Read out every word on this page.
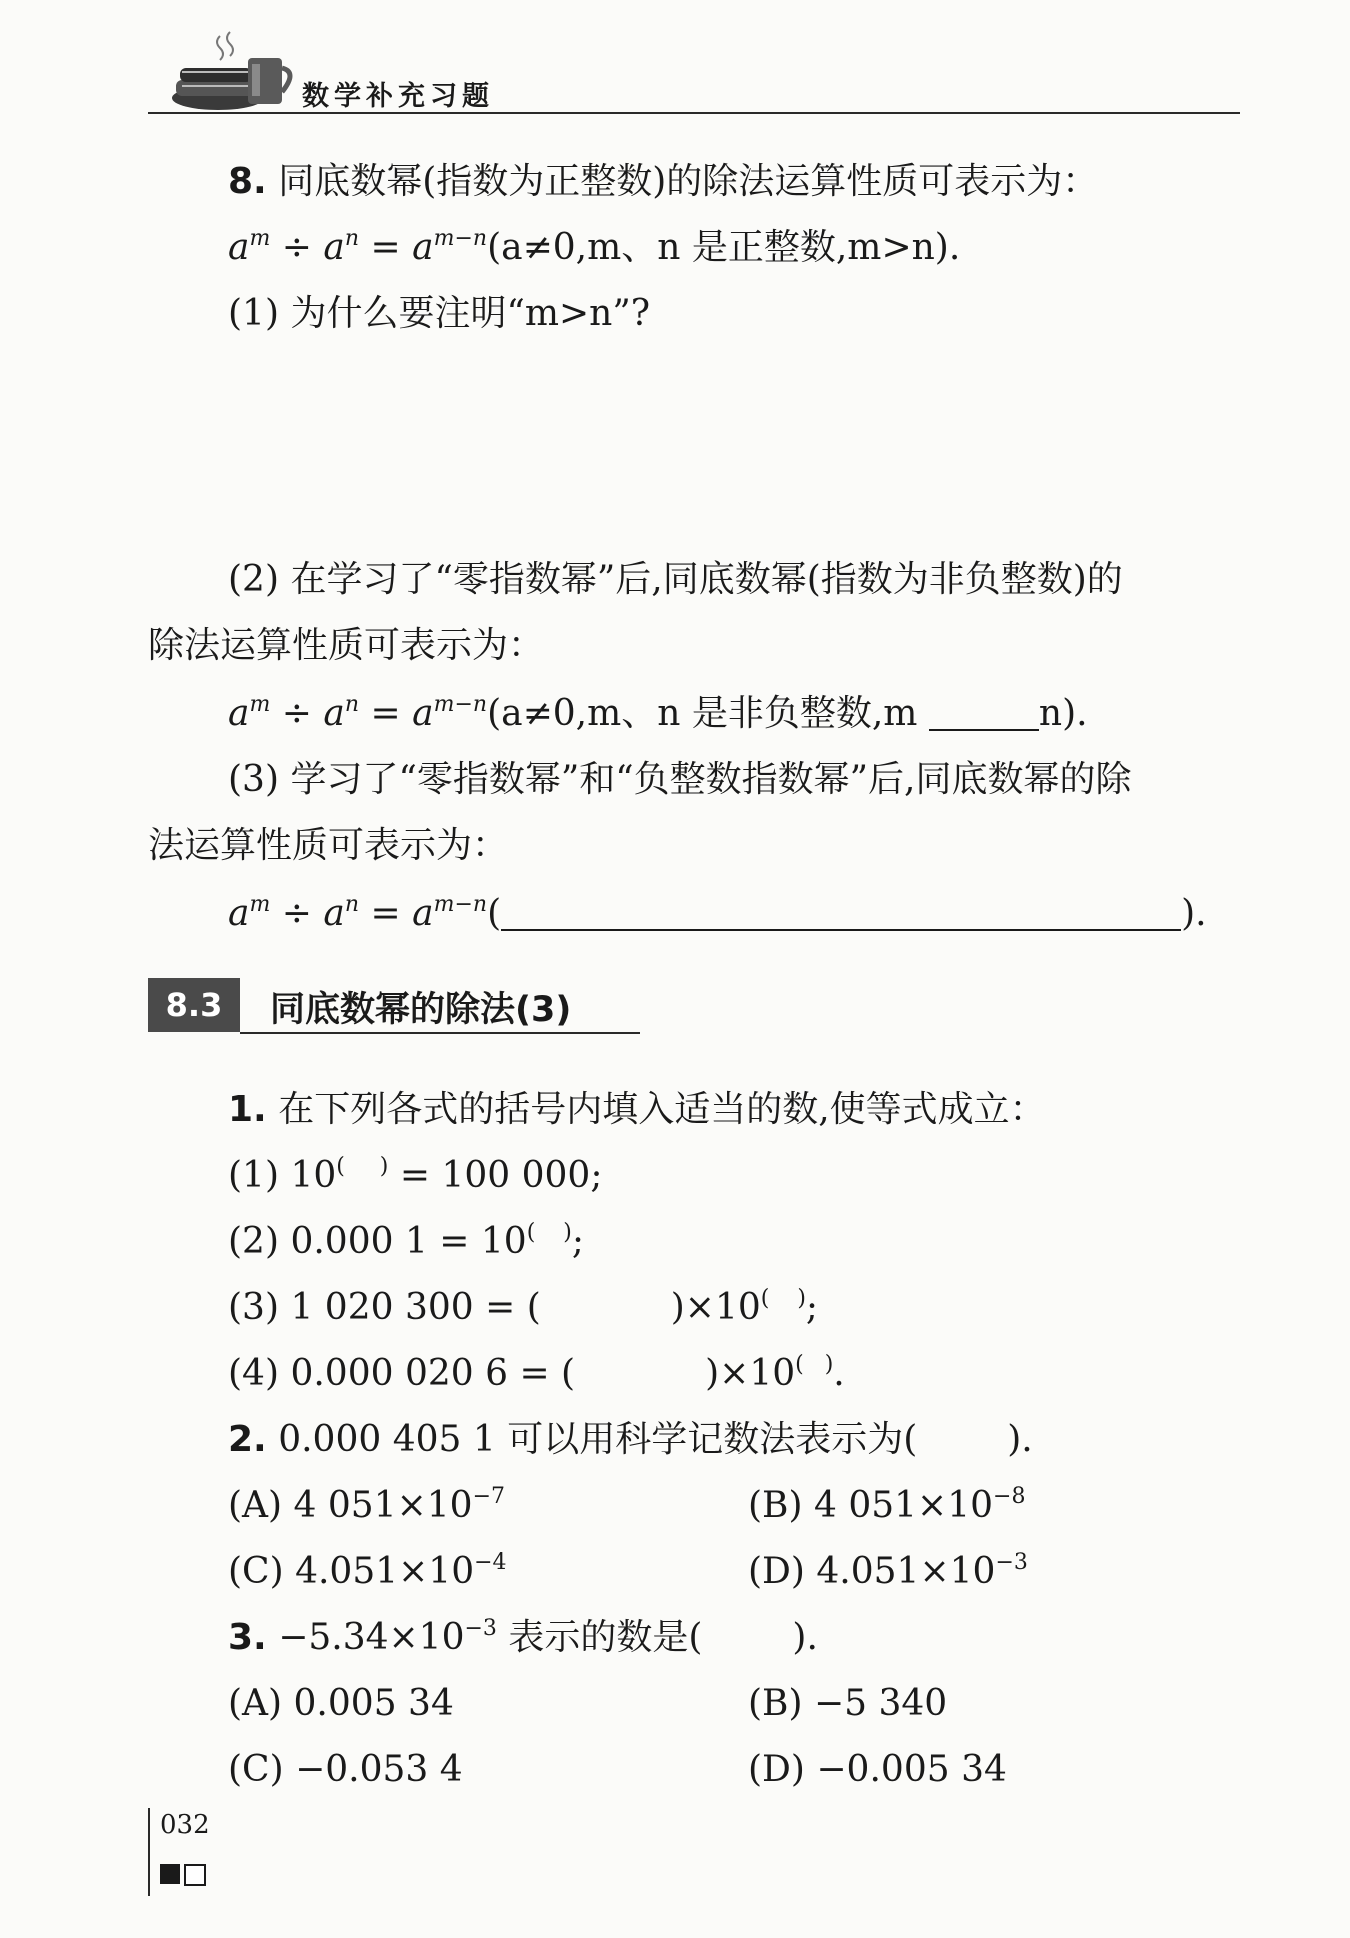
数学补充习题
8. 同底数幂(指数为正整数)的除法运算性质可表示为：
$a^m \div a^n = a^{m-n}(a\ne 0,m$、n 是正整数,m>n).
(1) 为什么要注明“m>n”?
(2) 在学习了“零指数幂”后,同底数幂(指数为非负整数)的
除法运算性质可表示为：
$a^m \div a^n = a^{m-n}(a\ne 0,m$、n 是非负整数,m	n).
(3) 学习了“零指数幂”和“负整数指数幂”后,同底数幂的除
法运算性质可表示为：
$a^m \div a^n = a^{m-n}$(	).
8.3	同底数幂的除法(3)
1. 在下列各式的括号内填入适当的数,使等式成立：
(1) 10(     ) = 100 000;
(2) 0.000 1 = 10(    );
(3) 1 020 300 = (	)×10(    );
(4) 0.000 020 6 = (	)×10(   ).
2. 0.000 405 1 可以用科学记数法表示为(	).
(A) 4 $051\times 10^{-7}$	(B) 4 $051\times 10^{-8}$
(C) $4.051\times 10^{-4}$	(D) $4.051\times 10^{-3}$
3. $-5.34\times 10^{-3}$ 表示的数是(	).
(A) 0.005 34	(B) −5 340
(C) −0.053 4	(D) −0.005 34
032
